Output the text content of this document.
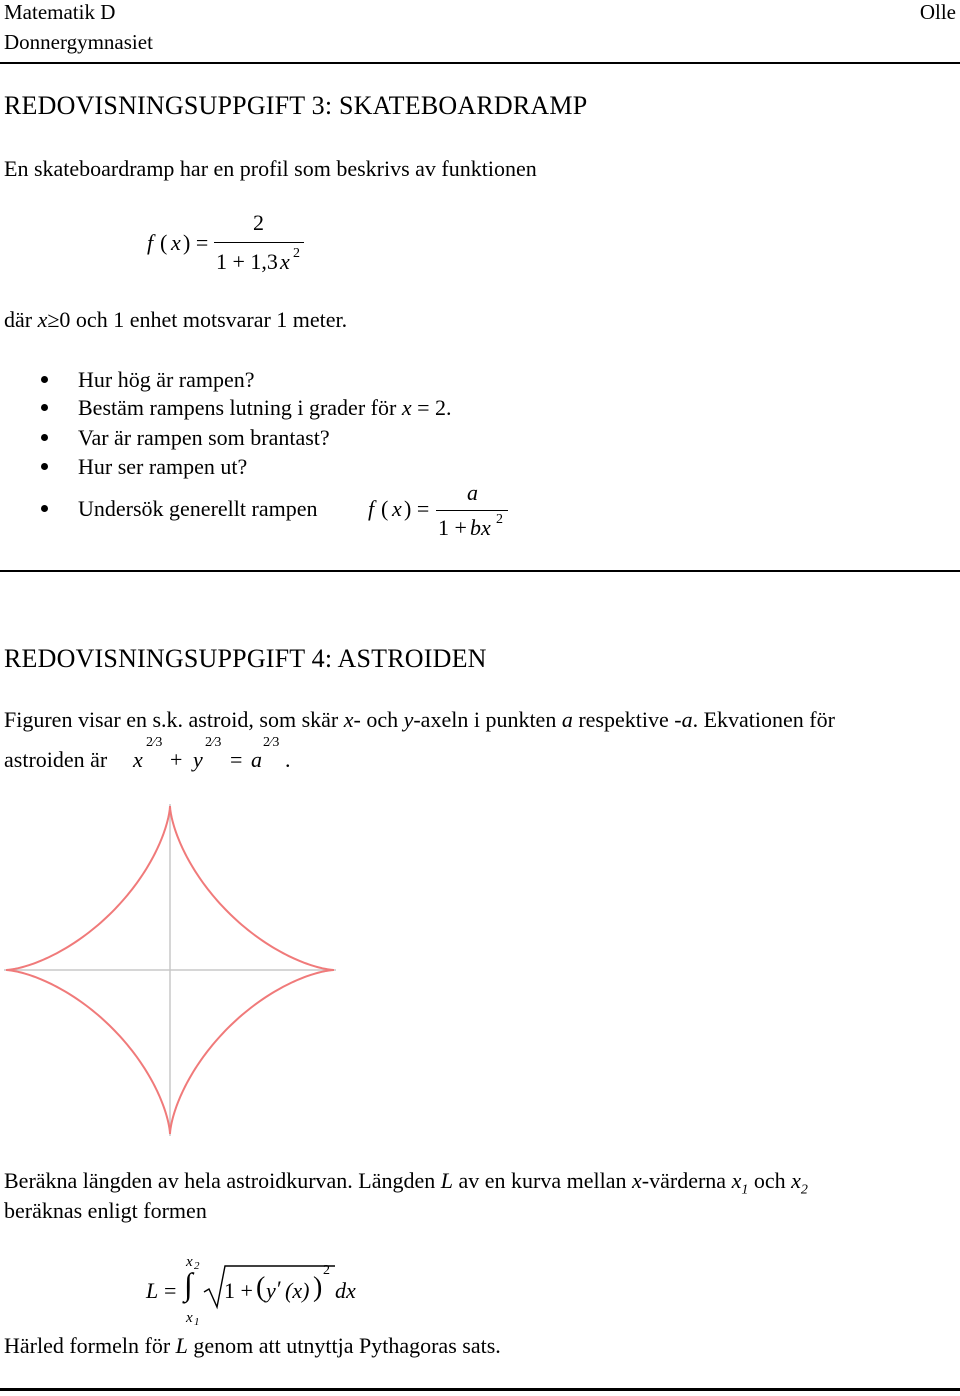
Matematik D
Donnergymnasiet
Olle
REDOVISNINGSUPPGIFT 3: SKATEBOARDRAMP
En skateboardramp har en profil som beskrivs av funktionen
f ( x ) =
2
1 + 1,3 x 2
där x≥0 och 1 enhet motsvarar 1 meter.
Hur hög är rampen?
Bestäm rampens lutning i grader för x = 2.
Var är rampen som brantast?
Hur ser rampen ut?
Undersök generellt rampen f ( x ) =
a
1 + bx 2
REDOVISNINGSUPPGIFT 4: ASTROIDEN
Figuren visar en s.k. astroid, som skär x- och y-axeln i punkten a respektive -a. Ekvationen för
astroiden är x
2⁄3
+ y
2⁄3
= a
2⁄3
.
Beräkna längden av hela astroidkurvan. Längden L av en kurva mellan x-värderna $x_1$ och $x_2$
beräknas enligt formen
L =
x 2
∫
x 1
1 + ( y ′ (x) )
2
dx
Härled formeln för L genom att utnyttja Pythagoras sats.
